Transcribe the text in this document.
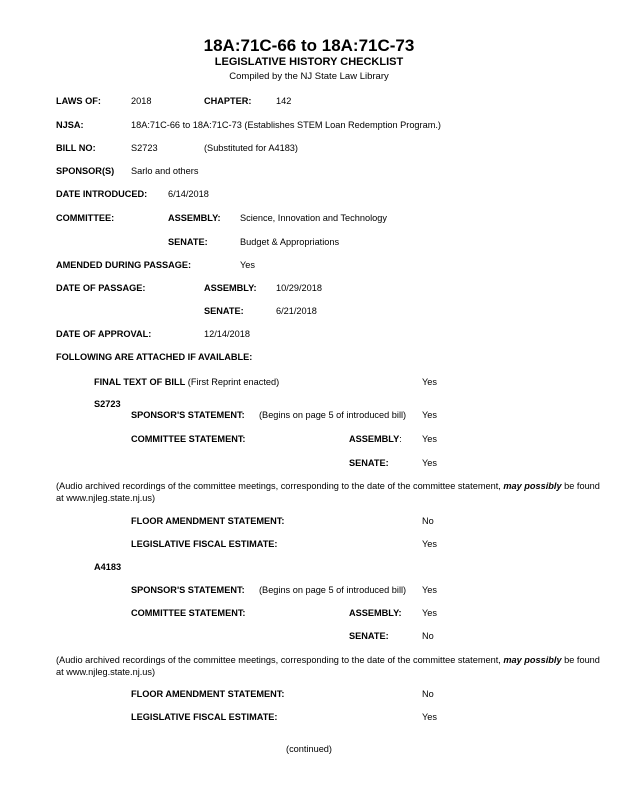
18A:71C-66 to 18A:71C-73
LEGISLATIVE HISTORY CHECKLIST
Compiled by the NJ State Law Library
LAWS OF:	2018	CHAPTER:	142
NJSA:	18A:71C-66 to 18A:71C-73 (Establishes STEM Loan Redemption Program.)
BILL NO:	S2723	(Substituted for A4183)
SPONSOR(S) Sarlo and others
DATE INTRODUCED: 6/14/2018
COMMITTEE:	ASSEMBLY: Science, Innovation and Technology
SENATE:	Budget & Appropriations
AMENDED DURING PASSAGE:	Yes
DATE OF PASSAGE:	ASSEMBLY: 10/29/2018
SENATE:	6/21/2018
DATE OF APPROVAL:	12/14/2018
FOLLOWING ARE ATTACHED IF AVAILABLE:
FINAL TEXT OF BILL (First Reprint enacted)	Yes
S2723
SPONSOR'S STATEMENT: (Begins on page 5 of introduced bill) Yes
COMMITTEE STATEMENT:	ASSEMBLY: Yes
SENATE:	Yes
(Audio archived recordings of the committee meetings, corresponding to the date of the committee statement, may possibly be found at www.njleg.state.nj.us)
FLOOR AMENDMENT STATEMENT:	No
LEGISLATIVE FISCAL ESTIMATE:	Yes
A4183
SPONSOR'S STATEMENT: (Begins on page 5 of introduced bill) Yes
COMMITTEE STATEMENT:	ASSEMBLY: Yes
SENATE:	No
(Audio archived recordings of the committee meetings, corresponding to the date of the committee statement, may possibly be found at www.njleg.state.nj.us)
FLOOR AMENDMENT STATEMENT:	No
LEGISLATIVE FISCAL ESTIMATE:	Yes
(continued)
